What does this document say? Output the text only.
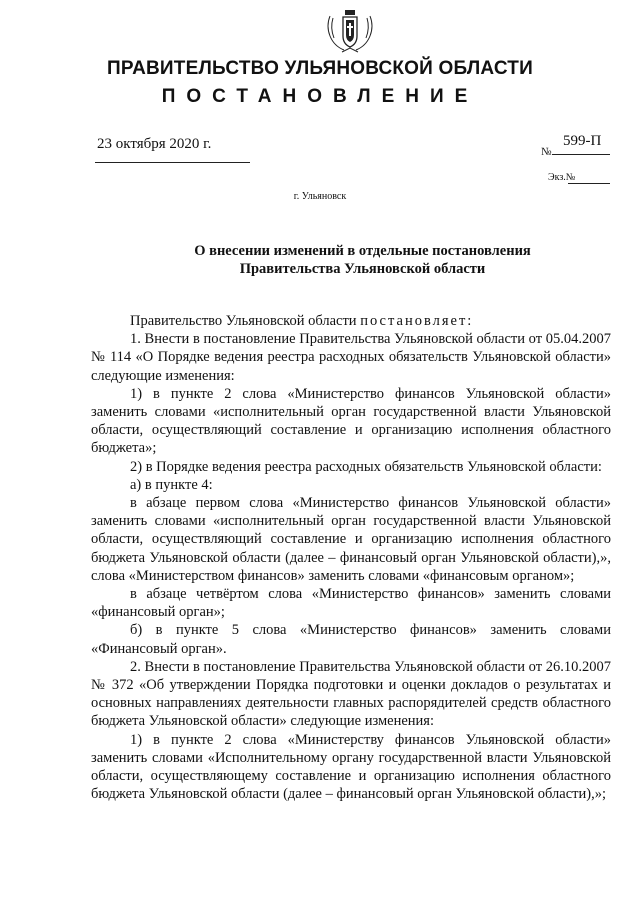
ПРАВИТЕЛЬСТВО УЛЬЯНОВСКОЙ ОБЛАСТИ
ПОСТАНОВЛЕНИЕ
23 октября 2020 г.	№
599-П
Экз.№
г. Ульяновск
О внесении изменений в отдельные постановления
Правительства Ульяновской области

Правительство Ульяновской области постановляет:

1. Внести в постановление Правительства Ульяновской области от 05.04.2007 № 114 «О Порядке ведения реестра расходных обязательств Ульяновской области» следующие изменения:

1) в пункте 2 слова «Министерство финансов Ульяновской области» заменить словами «исполнительный орган государственной власти Ульяновской области, осуществляющий составление и организацию исполнения областного бюджета»;

2) в Порядке ведения реестра расходных обязательств Ульяновской области:

а) в пункте 4:

в абзаце первом слова «Министерство финансов Ульяновской области» заменить словами «исполнительный орган государственной власти Ульяновской области, осуществляющий составление и организацию исполнения областного бюджета Ульяновской области (далее – финансовый орган Ульяновской области),», слова «Министерством финансов» заменить словами «финансовым органом»;

в абзаце четвёртом слова «Министерство финансов» заменить словами «финансовый орган»;

б) в пункте 5 слова «Министерство финансов» заменить словами «Финансовый орган».

2. Внести в постановление Правительства Ульяновской области от 26.10.2007 № 372 «Об утверждении Порядка подготовки и оценки докладов о результатах и основных направлениях деятельности главных распорядителей средств областного бюджета Ульяновской области» следующие изменения:

1) в пункте 2 слова «Министерству финансов Ульяновской области» заменить словами «Исполнительному органу государственной власти Ульяновской области, осуществляющему составление и организацию исполнения областного бюджета Ульяновской области (далее – финансовый орган Ульяновской области),»;
